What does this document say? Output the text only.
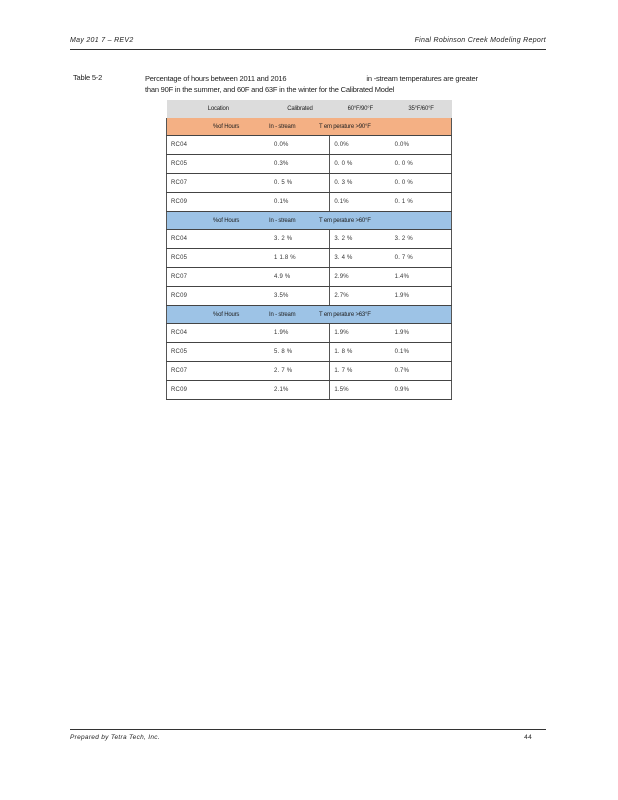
May 201 7 – REV2	Final Robinson Creek Modeling Report
Table 5-2	Percentage of hours between 2011 and 2016	in -stream temperatures are greater
than 90F in the summer, and 60F and 63F in the winter for the Calibrated Model
Location	Calibrated	60°F/90°F	35°F/60°F
%of Hours In - stream T em perature >90°F			
RC04	0.0%	0.0%	0.0%
RC05	0.3%	0. 0 %	0. 0 %
RC07	0. 5 %	0. 3 %	0. 0 %
RC09	0.1%	0.1%	0. 1 %
%of Hours In - stream T em perature >60°F			
RC04	3. 2 %	3. 2 %	3. 2 %
RC05	1 1.8 %	3. 4 %	0. 7 %
RC07	4.9 %	2.9%	1.4%
RC09	3.5%	2.7%	1.9%
%of Hours In - stream T em perature >63°F			
RC04	1.9%	1.9%	1.9%
RC05	5. 8 %	1. 8 %	0.1%
RC07	2. 7 %	1. 7 %	0.7%
RC09	2.1%	1.5%	0.9%
Prepared by Tetra Tech, Inc.	44
